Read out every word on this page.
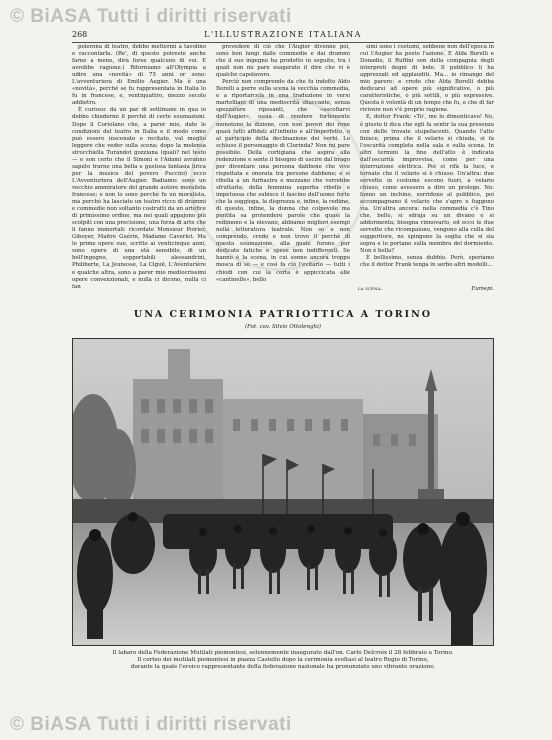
© BiASA Tutti i diritti riservati
268	L'ILLUSTRAZIONE ITALIANA

polerona di teatro, debbo mettermi a tavolino e raccontarla. (Re', di questo potreste anche farne a meno, dirà forse qualcuno di voi. E avrebbe ragione.) Ritorniamo all'Olympia a udire una «novità» di 75 anni or sono: L'avventuriera di Emilio Augier. Ma è una «novità», perchè se fu rappresentata in Italia lo fu in francese, e, ventiquattro, mezzo secolo addietro.

È curioso: da un par di settimane in qua io debbo chiedermi il perchè di certe esumazioni. Dopo il Coriolano che, a parer mio, date le condizioni del teatro in Italia e il modo come può essere inscenato e recitato, val meglio leggere che veder sulla scena; dopo la melensa strocchiella Turandot gozziana (quali? nel testo — e son certo che il Simoni e l'Adami avranno saputo trarne una bella e gustosa fantasia lirica per la musica del povero Puccini) ecco L'Avventuriera dell'Augier. Badiamo: sono un vecchio ammiratore del grande autore moralista francese; e non lo sono perchè fu un moralista, ma perchè ha lasciato un teatro ricco di drammi e commedie non soltanto costrutti da un artefice di primissimo ordine, ma nei quali appajono più scolpiti con una precisione, una forza di arte che li fanno immortali: ricordate Monsieur Poirier, Giboyer, Maitre Guérin, Madame Caverlet. Ma le prime opere sue, scritte ai venticinque anni, sono opere di una età sensibile, di un bell'ingegno, sopportabili alessandrini, Philiberte, La Jeunesse, La Ciguë, L'Aventurière e qualche altra, sono a parer mio mediocrissimi opere convenzionali, e nulla ci dicono, nulla ci fan

prevedere di ciò che l'Augier divenne poi, sono ben lungi dalle commedie e dai drammi che il suo ingegno ha prodotto in seguito, tra i quali non mi pare esagerato il dire che vi è qualche capolavoro.

Perciò non comprendo da che fu indotto Aldo Borelli a porre sulla scena la vecchia commedia, e a riportarcela in una traduzione in versi martelliani di una mediocrità sfiaccante, senza spezzature riposanti, che «ascoltarvi dell'Augier», ossia di rendere fortemente monotono la dizione, con non poveri dei rime quasi tutti affidati all'infinito e all'imperfetto, o al participio della declinazione dei verbi. Lo schiuso il personaggio di Clorinda? Non mi pare possibile. Della cortigiana che aspira alla redenzione e sente il bisogno di uscire dal brago per diventare una persona dabbene che vive rispettata e onorata tra persone dabbene; e si ribella a un furbastro e mezzano che vorrebbe sfruttarla; della femmina superba ribelle e impetuosa che subisce il fascino dell'uomo forte che la soggioga, la disprezza e, infine, la redime, di questo, infine, la donna che colpevole ma pentita sa protendere parole che quasi la redimono e la elevano, abbiamo migliori esempi nella letteratura teatrale. Non so e non comprendo, credo e non trovo il perchè di questa esumazione, alla quale furono pur dedicate fatiche e spese non indifferenti. Se hanno è la scena, in cui sonno ancora troppo mosca di sè — e così fa ciò l'evitarlo — tutti i chiodi con cui la corta è appiccicata alle «cantinelle», bello

simi sono i costumi, sebbene non dell'epoca in cui l'Augier ha posto l'azione. E Alda Borelli e Donadio, il Ruffini son della compagnia degli interpreti degni di lode. Il pubblico li ha apprezzati ed applauditi. Ma... io rimango del mio parere: e credo che Alda Borelli debba dedicarsi ad opere più significative, o più caratteristiche, o più sottili, o più espressive. Questa è volontà di un tempo che fu, e che di far rivivere non v'è proprio ragione.

E, dottor Frank: «To', me lo dimenticavo! No, è giusto ti dica che egli fa sentir la sua presenza con delle trovate stupefacenti. Quando l'atto finisce, prima che il velario si chiuda, si fa l'oscurità completa nella sala e sulla scena. In altri termini la fine dell'atto è indicata dall'oscurità improvvisa, come per una interruzione elettrica. Poi si rifà la luce, e tornate che il velario si è chiuso. Un'altra: due servette in costume escono fuori, a velario chiuso, come avessero a dire un prologo. No: fanno un inchino, sorridono al pubblico, poi accompagnano il velario che s'apre e fuggono via. Un'altra ancora: nella commedia c'è Tino che, bello, si sdraja su un divano e si addormenta; bisogna rinnovarlo, ed ecco le due servette che ricompaiono, vengono alla culla del suggeritore, ne spingono la soglia che si sia sopra e lo portano sulla membra del dormiente. Non è bella?

È bellissimo, senza dubbio. Però, speriamo che il dottor Frank tenga in serbo altri modelli...

la scena.	Eumepi.
UNA CERIMONIA PATRIOTTICA A TORINO
(Fot. cav. Silvio Ottolenghi)
Il labaro della Federazione Mutilati piemontesi, solennemente inaugurato dall'on. Carlo Delcroix il 28 febbraio a Torino.
Il corteo dei mutilati piemontesi in piazza Castello dopo la cerimonia svoltasi al teatro Regio di Torino,
durante la quale l'eroico rappresentante della federazione nazionale ha pronunziato uno vibrante orazione.
© BiASA Tutti i diritti riservati
